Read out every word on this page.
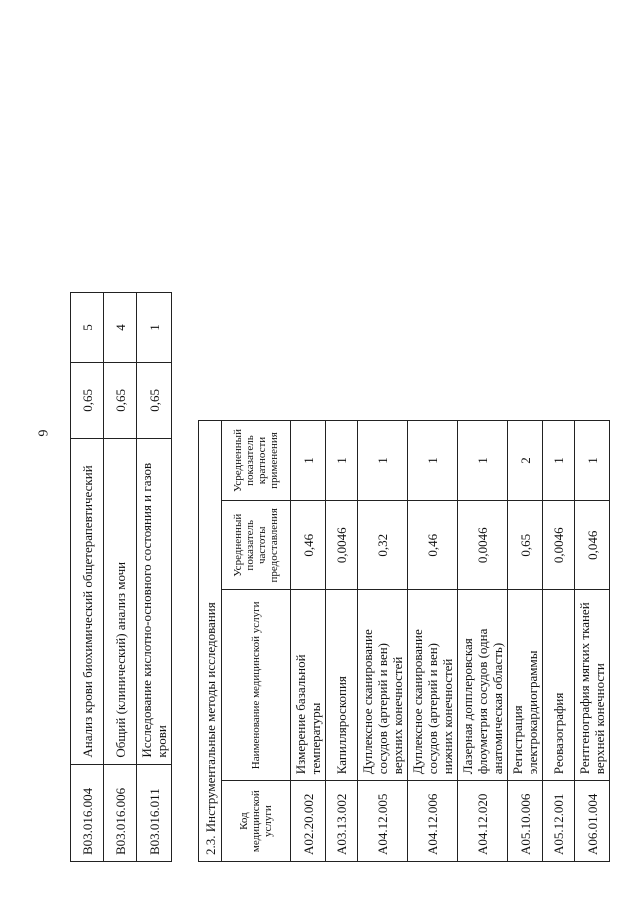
6
B03.016.004	Анализ крови биохимический общетерапевтический	0,65	5
B03.016.006	Общий (клинический) анализ мочи	0,65	4
B03.016.011	Исследование кислотно-основного состояния и газов крови	0,65	1
2.3. Инструментальные методы исследования			
Код медицинской услуги	Наименование медицинской услуги	Усредненный показатель частоты предоставления	Усредненный показатель кратности применения
A02.20.002	Измерение базальной температуры	0,46	1
A03.13.002	Капилляроскопия	0,0046	1
A04.12.005	Дуплексное сканирование сосудов (артерий и вен) верхних конечностей	0,32	1
A04.12.006	Дуплексное сканирование сосудов (артерий и вен) нижних конечностей	0,46	1
A04.12.020	Лазерная допплеровская флоуметрия сосудов (одна анатомическая область)	0,0046	1
A05.10.006	Регистрация электрокардиограммы	0,65	2
A05.12.001	Реовазография	0,0046	1
A06.01.004	Рентгенография мягких тканей верхней конечности	0,046	1
